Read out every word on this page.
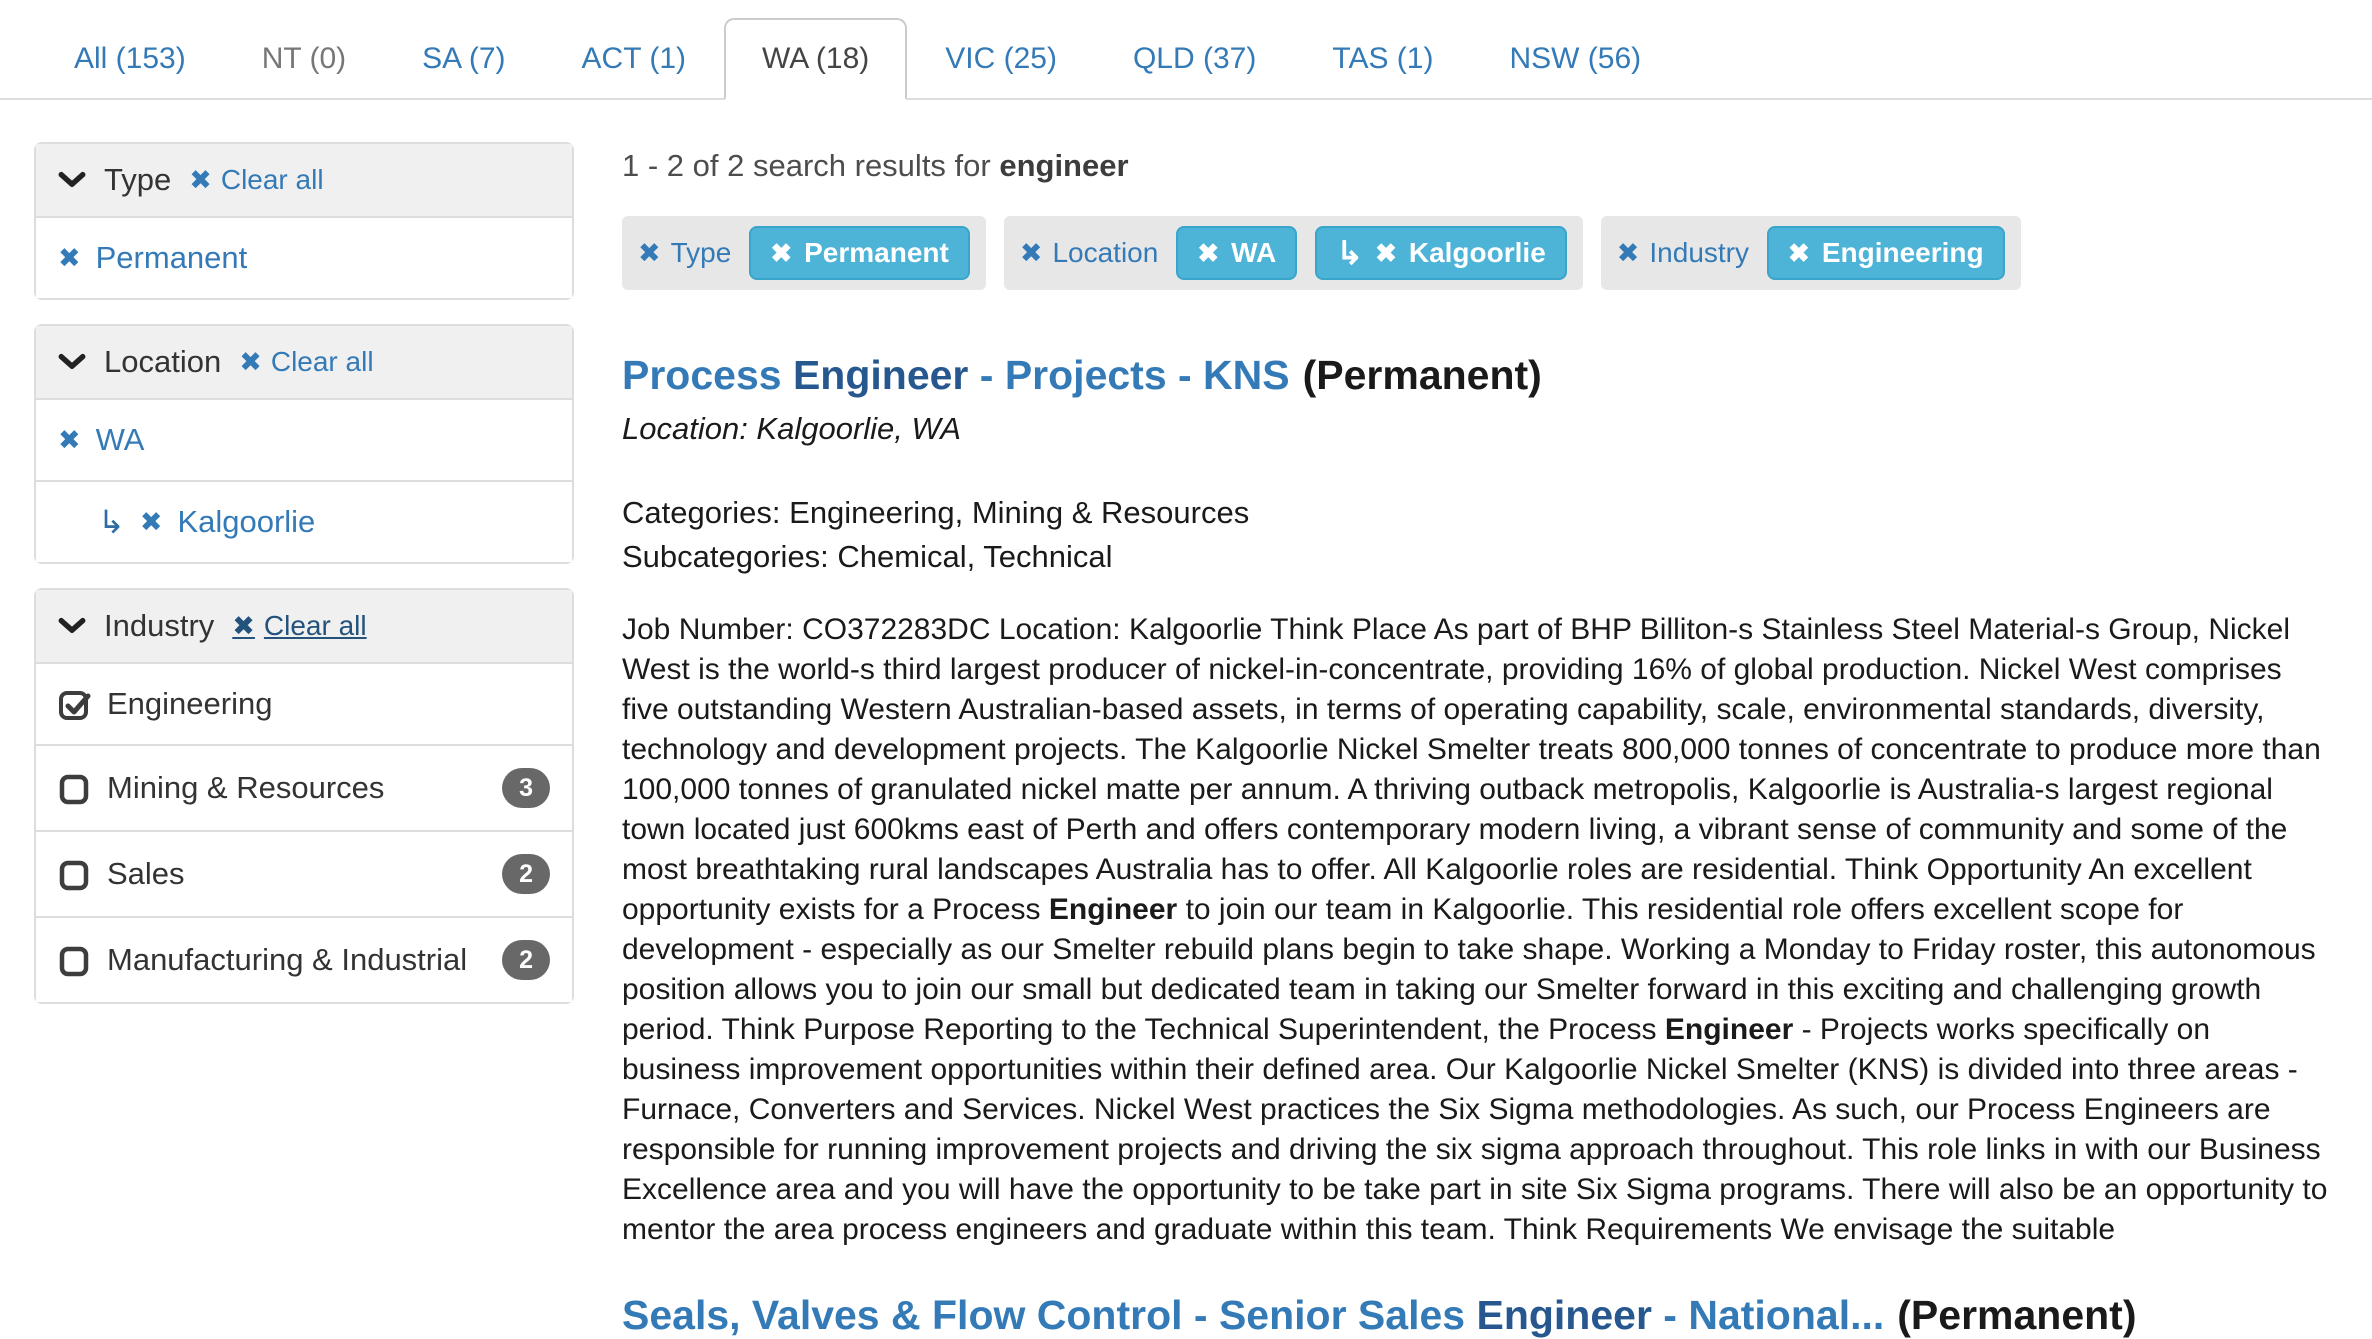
All (153)	NT (0)	SA (7)	ACT (1)	WA (18)	VIC (25)	QLD (37)	TAS (1)	NSW (56)
Type ✖ Clear all
✖ Permanent
Location ✖ Clear all
✖ WA
↳ ✖ Kalgoorlie
Industry ✖ Clear all
Engineering
Mining & Resources	3
Sales	2
Manufacturing & Industrial	2
1 - 2 of 2 search results for engineer
✖ Type ✖ Permanent	✖ Location ✖ WA ↳ ✖ Kalgoorlie	✖ Industry ✖ Engineering
Process Engineer - Projects - KNS (Permanent)
Location: Kalgoorlie, WA
Categories: Engineering, Mining & Resources
Subcategories: Chemical, Technical

Job Number: CO372283DC Location: Kalgoorlie Think Place As part of BHP Billiton-s Stainless Steel Material-s Group, Nickel West is the world-s third largest producer of nickel-in-concentrate, providing 16% of global production. Nickel West comprises five outstanding Western Australian-based assets, in terms of operating capability, scale, environmental standards, diversity, technology and development projects. The Kalgoorlie Nickel Smelter treats 800,000 tonnes of concentrate to produce more than 100,000 tonnes of granulated nickel matte per annum. A thriving outback metropolis, Kalgoorlie is Australia-s largest regional town located just 600kms east of Perth and offers contemporary modern living, a vibrant sense of community and some of the most breathtaking rural landscapes Australia has to offer. All Kalgoorlie roles are residential. Think Opportunity An excellent opportunity exists for a Process Engineer to join our team in Kalgoorlie. This residential role offers excellent scope for development - especially as our Smelter rebuild plans begin to take shape. Working a Monday to Friday roster, this autonomous position allows you to join our small but dedicated team in taking our Smelter forward in this exciting and challenging growth period. Think Purpose Reporting to the Technical Superintendent, the Process Engineer - Projects works specifically on business improvement opportunities within their defined area. Our Kalgoorlie Nickel Smelter (KNS) is divided into three areas - Furnace, Converters and Services. Nickel West practices the Six Sigma methodologies. As such, our Process Engineers are responsible for running improvement projects and driving the six sigma approach throughout. This role links in with our Business Excellence area and you will have the opportunity to be take part in site Six Sigma programs. There will also be an opportunity to mentor the area process engineers and graduate within this team. Think Requirements We envisage the suitable

Seals, Valves & Flow Control - Senior Sales Engineer - National... (Permanent)
